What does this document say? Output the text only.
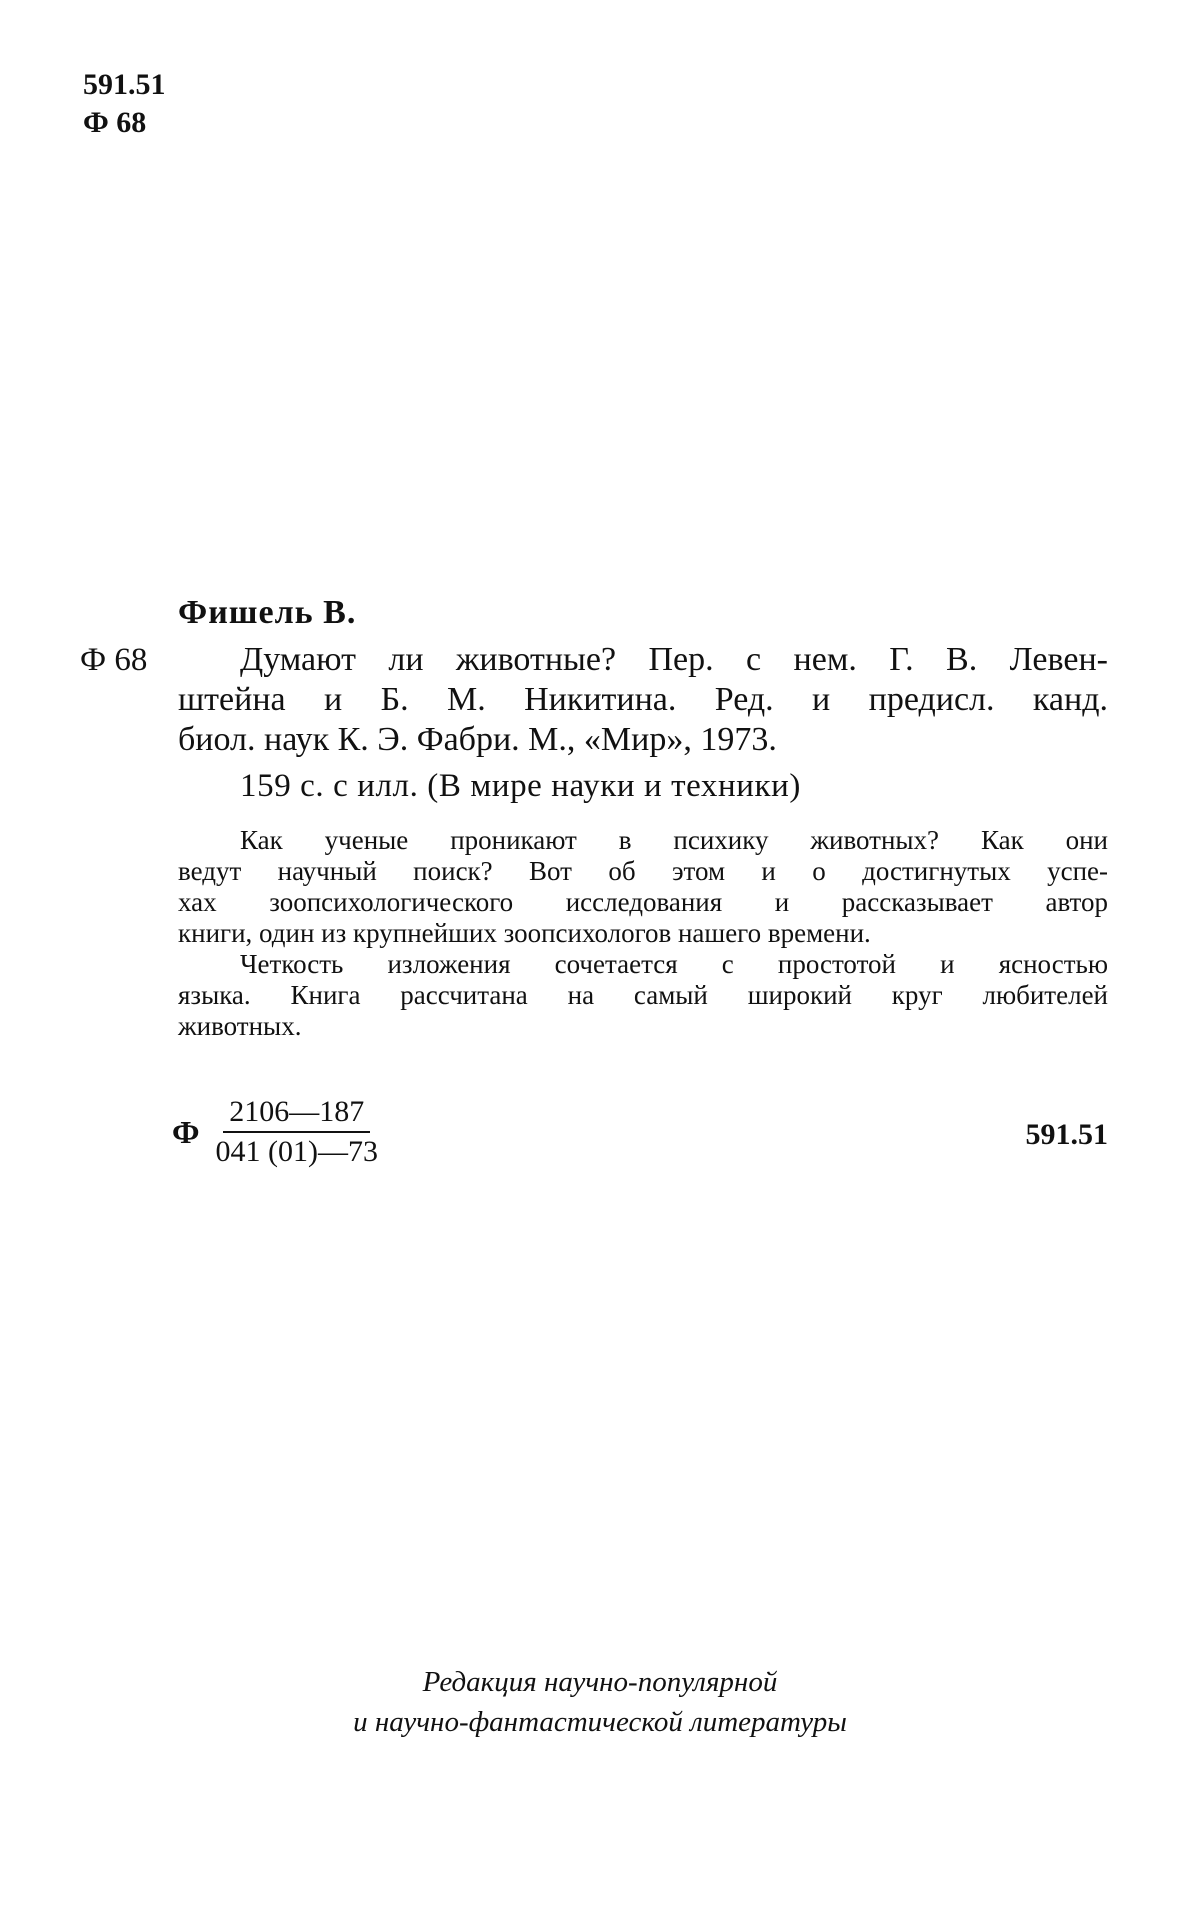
591.51
Ф 68
Фишель В.
Ф 68	Думают ли животные? Пер. с нем. Г. В. Левен-
штейна и Б. М. Никитина. Ред. и предисл. канд.
биол. наук К. Э. Фабри. М., «Мир», 1973.
159 с. с илл. (В мире науки и техники)
Как ученые проникают в психику животных? Как они
ведут научный поиск? Вот об этом и о достигнутых успе-
хах зоопсихологического исследования и рассказывает автор
книги, один из крупнейших зоопсихологов нашего времени.
Четкость изложения сочетается с простотой и ясностью
языка. Книга рассчитана на самый широкий круг любителей
животных.
Ф $\frac{2106—187}{041 (01)—73}$	591.51
Редакция научно-популярной
и научно-фантастической литературы
